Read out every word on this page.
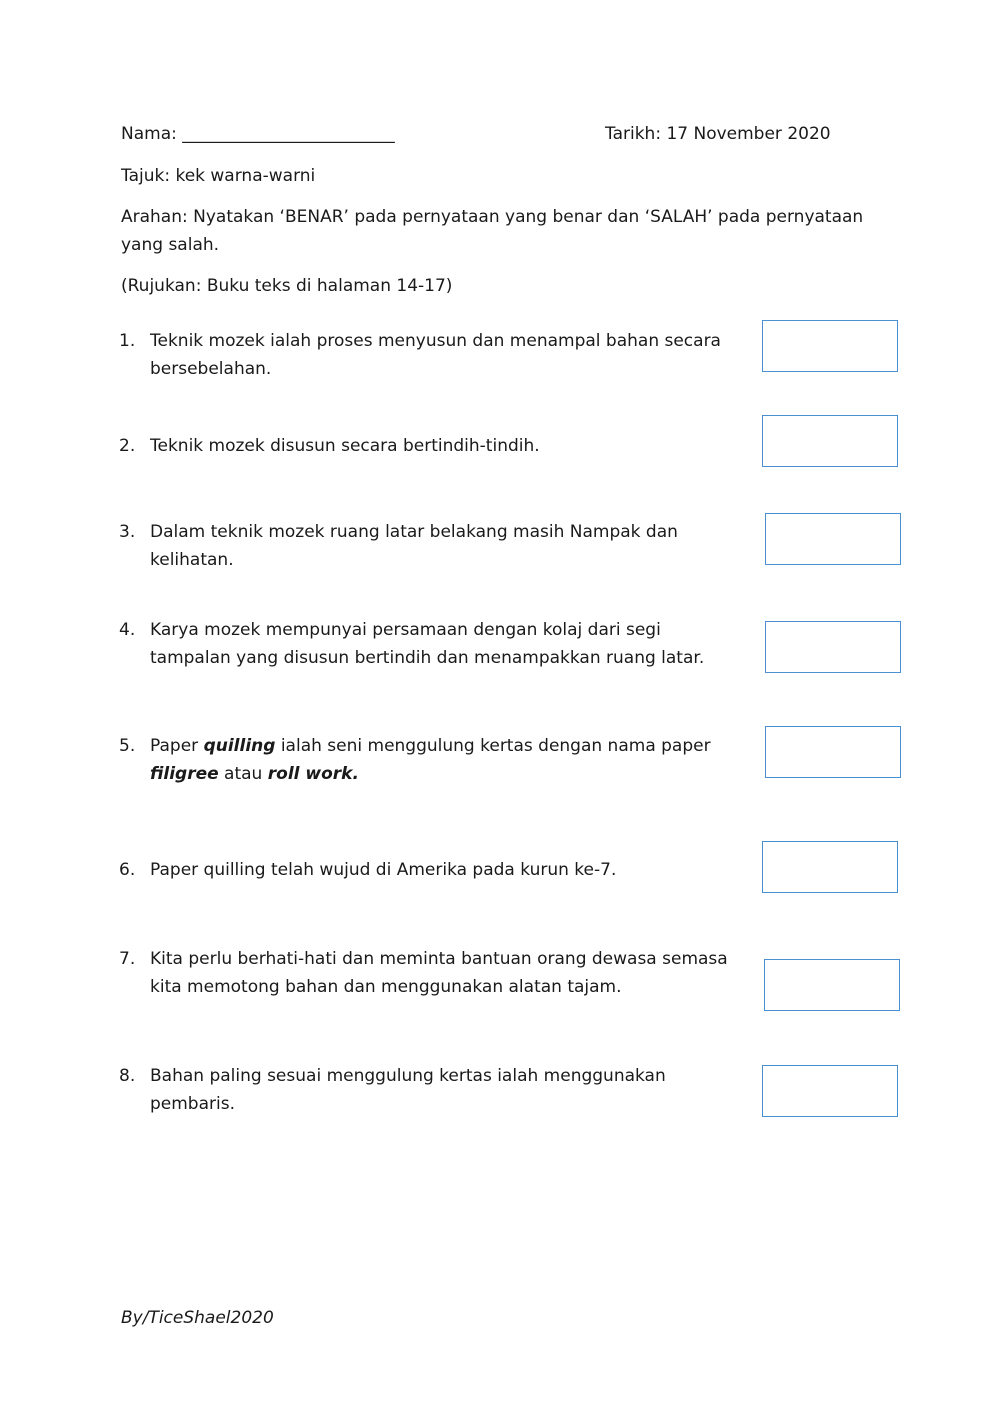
Nama: _________________________	Tarikh: 17 November 2020
Tajuk: kek warna-warni
Arahan: Nyatakan ‘BENAR’ pada pernyataan yang benar dan ‘SALAH’ pada pernyataan
yang salah.
(Rujukan: Buku teks di halaman 14-17)
1. Teknik mozek ialah proses menyusun dan menampal bahan secara bersebelahan.
2. Teknik mozek disusun secara bertindih-tindih.
3. Dalam teknik mozek ruang latar belakang masih Nampak dan kelihatan.
4. Karya mozek mempunyai persamaan dengan kolaj dari segi tampalan yang disusun bertindih dan menampakkan ruang latar.
5. Paper quilling ialah seni menggulung kertas dengan nama paper filigree atau roll work.
6. Paper quilling telah wujud di Amerika pada kurun ke-7.
7. Kita perlu berhati-hati dan meminta bantuan orang dewasa semasa kita memotong bahan dan menggunakan alatan tajam.
8. Bahan paling sesuai menggulung kertas ialah menggunakan pembaris.
By/TiceShael2020
